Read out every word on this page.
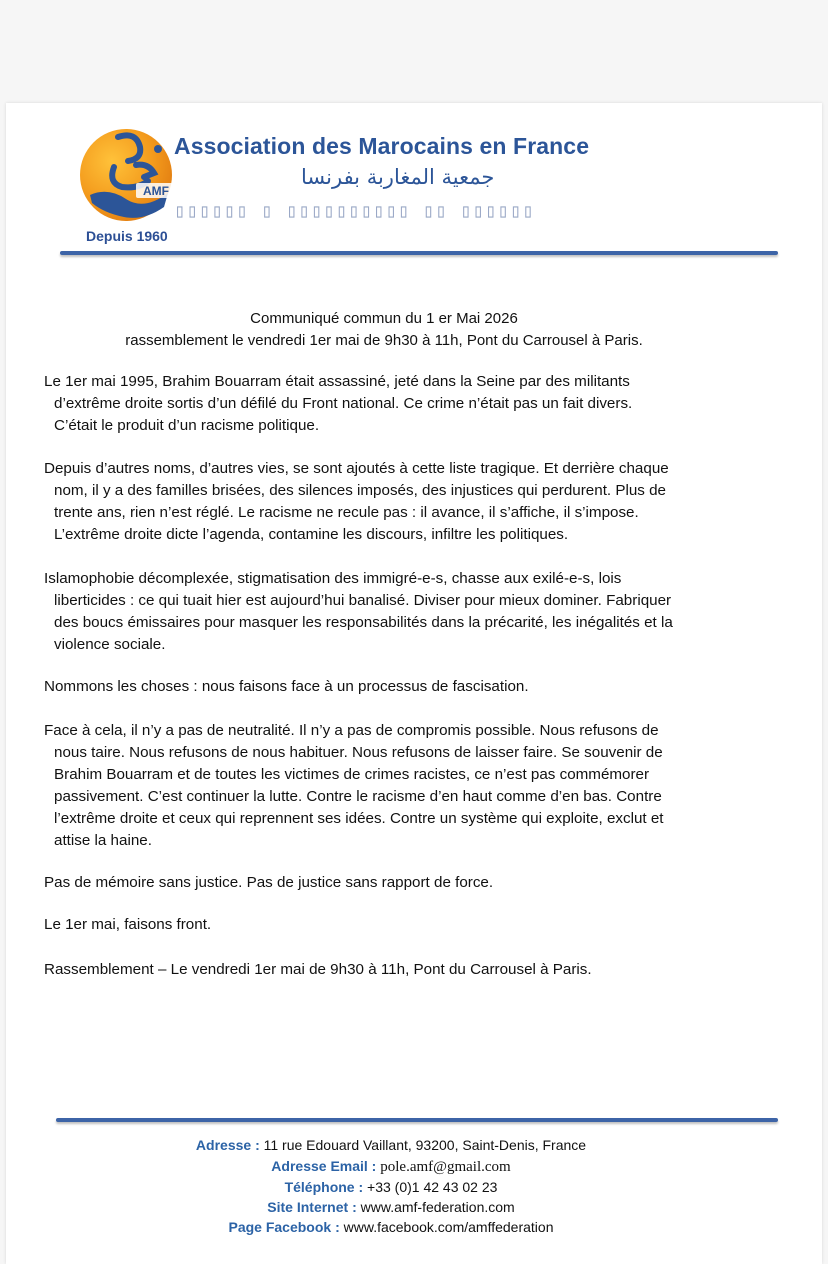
AMF
Depuis 1960
Association des Marocains en France
جمعية المغاربة بفرنسا
▯▯▯▯▯▯ ▯ ▯▯▯▯▯▯▯▯▯▯ ▯▯ ▯▯▯▯▯▯
Communiqué commun du 1 er Mai 2026
rassemblement le vendredi 1er mai de 9h30 à 11h, Pont du Carrousel à Paris.
Le 1er mai 1995, Brahim Bouarram était assassiné, jeté dans la Seine par des militants
d’extrême droite sortis d’un défilé du Front national. Ce crime n’était pas un fait divers.
C’était le produit d’un racisme politique.
Depuis d’autres noms, d’autres vies, se sont ajoutés à cette liste tragique. Et derrière chaque
nom, il y a des familles brisées, des silences imposés, des injustices qui perdurent. Plus de
trente ans, rien n’est réglé. Le racisme ne recule pas : il avance, il s’affiche, il s’impose.
L’extrême droite dicte l’agenda, contamine les discours, infiltre les politiques.
Islamophobie décomplexée, stigmatisation des immigré-e-s, chasse aux exilé-e-s, lois
liberticides : ce qui tuait hier est aujourd’hui banalisé. Diviser pour mieux dominer. Fabriquer
des boucs émissaires pour masquer les responsabilités dans la précarité, les inégalités et la
violence sociale.
Nommons les choses : nous faisons face à un processus de fascisation.
Face à cela, il n’y a pas de neutralité. Il n’y a pas de compromis possible. Nous refusons de
nous taire. Nous refusons de nous habituer. Nous refusons de laisser faire. Se souvenir de
Brahim Bouarram et de toutes les victimes de crimes racistes, ce n’est pas commémorer
passivement. C’est continuer la lutte. Contre le racisme d’en haut comme d’en bas. Contre
l’extrême droite et ceux qui reprennent ses idées. Contre un système qui exploite, exclut et
attise la haine.
Pas de mémoire sans justice. Pas de justice sans rapport de force.
Le 1er mai, faisons front.
Rassemblement – Le vendredi 1er mai de 9h30 à 11h, Pont du Carrousel à Paris.
Adresse : 11 rue Edouard Vaillant, 93200, Saint-Denis, France
Adresse Email : pole.amf@gmail.com
Téléphone : +33 (0)1 42 43 02 23
Site Internet : www.amf-federation.com
Page Facebook : www.facebook.com/amffederation
